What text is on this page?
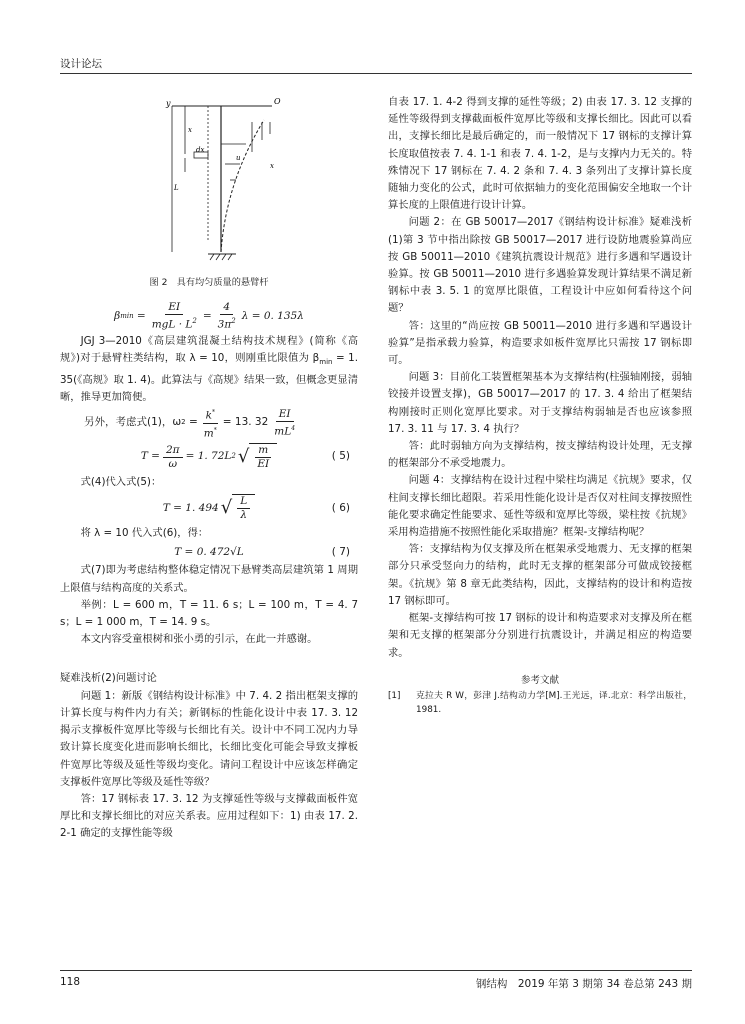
设计论坛
y	O
x
dx
L
u
x
图 2　具有均匀质量的悬臂杆
β $\min = \frac{EI}{mgL \cdot L^2} = \frac{4}{3\pi^2}$ λ = 0. 135λ

JGJ 3—2010《高层建筑混凝土结构技术规程》(简称《高规》)对于悬臂柱类结构，取 λ = 10，则刚重比限值为 $\beta_{min} = 1$. 35(《高规》取 1. 4)。此算法与《高规》结果一致，但概念更显清晰，推导更加简便。

另外，考虑式(1)，ω $2 = \frac{k^*}{m^*} = 13$. $32 \frac{EI}{mL^4}$
$T = \frac{2\pi}{\omega} = 1$. 72L 2 √ $\frac{m}{EI}$	( 5)

式(4)代入式(5)：

T = 1. 494 √ $\frac{L}{\lambda}$	( 6)

将 λ = 10 代入式(6)，得：

T = 0. 472√L	( 7)

式(7)即为考虑结构整体稳定情况下悬臂类高层建筑第 1 周期上限值与结构高度的关系式。

举例：L = 600 m，T = 11. 6 s；L = 100 m，T = 4. 7 s；L = 1 000 m，T = 14. 9 s。

本文内容受童根树和张小勇的引示，在此一并感谢。

疑难浅析(2)问题讨论

问题 1：新版《钢结构设计标准》中 7. 4. 2 指出框架支撑的计算长度与构件内力有关；新钢标的性能化设计中表 17. 3. 12 揭示支撑板件宽厚比等级与长细比有关。设计中不同工况内力导致计算长度变化进而影响长细比，长细比变化可能会导致支撑板件宽厚比等级及延性等级均变化。请问工程设计中应该怎样确定支撑板件宽厚比等级及延性等级？

答：17 钢标表 17. 3. 12 为支撑延性等级与支撑截面板件宽厚比和支撑长细比的对应关系表。应用过程如下：1) 由表 17. 2. 2-1 确定的支撑性能等级

自表 17. 1. 4-2 得到支撑的延性等级；2) 由表 17. 3. 12 支撑的延性等级得到支撑截面板件宽厚比等级和支撑长细比。因此可以看出，支撑长细比是最后确定的，而一般情况下 17 钢标的支撑计算长度取值按表 7. 4. 1-1 和表 7. 4. 1-2，是与支撑内力无关的。特殊情况下 17 钢标在 7. 4. 2 条和 7. 4. 3 条列出了支撑计算长度随轴力变化的公式，此时可依据轴力的变化范围偏安全地取一个计算长度的上限值进行设计计算。

问题 2：在 GB 50017—2017《钢结构设计标准》疑难浅析(1)第 3 节中指出除按 GB 50017—2017 进行设防地震验算尚应按 GB 50011—2010《建筑抗震设计规范》进行多遇和罕遇设计验算。按 GB 50011—2010 进行多遇验算发现计算结果不满足新钢标中表 3. 5. 1 的宽厚比限值，工程设计中应如何看待这个问题？

答：这里的“尚应按 GB 50011—2010 进行多遇和罕遇设计验算”是指承载力验算，构造要求如板件宽厚比只需按 17 钢标即可。

问题 3：目前化工装置框架基本为支撑结构(柱强轴刚接，弱轴铰接并设置支撑)，GB 50017—2017 的 17. 3. 4 给出了框架结构刚接时正则化宽厚比要求。对于支撑结构弱轴是否也应该参照 17. 3. 11 与 17. 3. 4 执行？

答：此时弱轴方向为支撑结构，按支撑结构设计处理，无支撑的框架部分不承受地震力。

问题 4：支撑结构在设计过程中梁柱均满足《抗规》要求，仅柱间支撑长细比超限。若采用性能化设计是否仅对柱间支撑按照性能化要求确定性能要求、延性等级和宽厚比等级，梁柱按《抗规》采用构造措施不按照性能化采取措施？框架-支撑结构呢？

答：支撑结构为仅支撑及所在框架承受地震力、无支撑的框架部分只承受竖向力的结构，此时无支撑的框架部分可做成铰接框架。《抗规》第 8 章无此类结构，因此，支撑结构的设计和构造按 17 钢标即可。

框架-支撑结构可按 17 钢标的设计和构造要求对支撑及所在框架和无支撑的框架部分分别进行抗震设计，并满足相应的构造要求。

参考文献
[1]	克拉夫 R W，彭津 J.结构动力学[M].王光远，译.北京：科学出版社，1981.
118	钢结构　2019 年第 3 期第 34 卷总第 243 期
